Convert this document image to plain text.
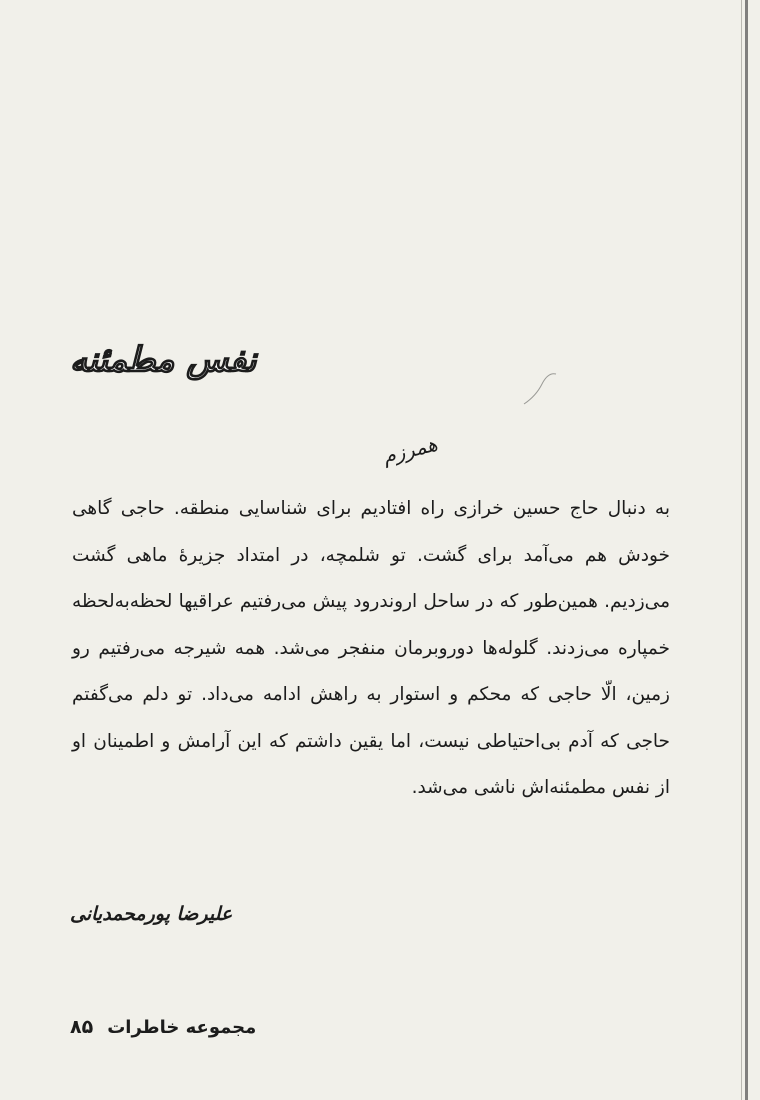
نفس مطمئنه

همرزم

به دنبال حاج حسین خرازی راه افتادیم برای شناسایی منطقه. حاجی گاهی خودش هم می‌آمد برای گشت. تو شلمچه، در امتداد جزیرهٔ ماهی گشت می‌زدیم. همین‌طور که در ساحل اروندرود پیش می‌رفتیم عراقیها لحظه‌به‌لحظه خمپاره می‌زدند. گلوله‌ها دوروبرمان منفجر می‌شد. همه شیرجه می‌رفتیم رو زمین، الّا حاجی که محکم و استوار به راهش ادامه می‌داد. تو دلم می‌گفتم حاجی که آدم بی‌احتیاطی نیست، اما یقین داشتم که این آرامش و اطمینان او از نفس مطمئنه‌اش ناشی می‌شد.

علیرضا پورمحمدیانی

مجموعه خاطرات
۸۵
